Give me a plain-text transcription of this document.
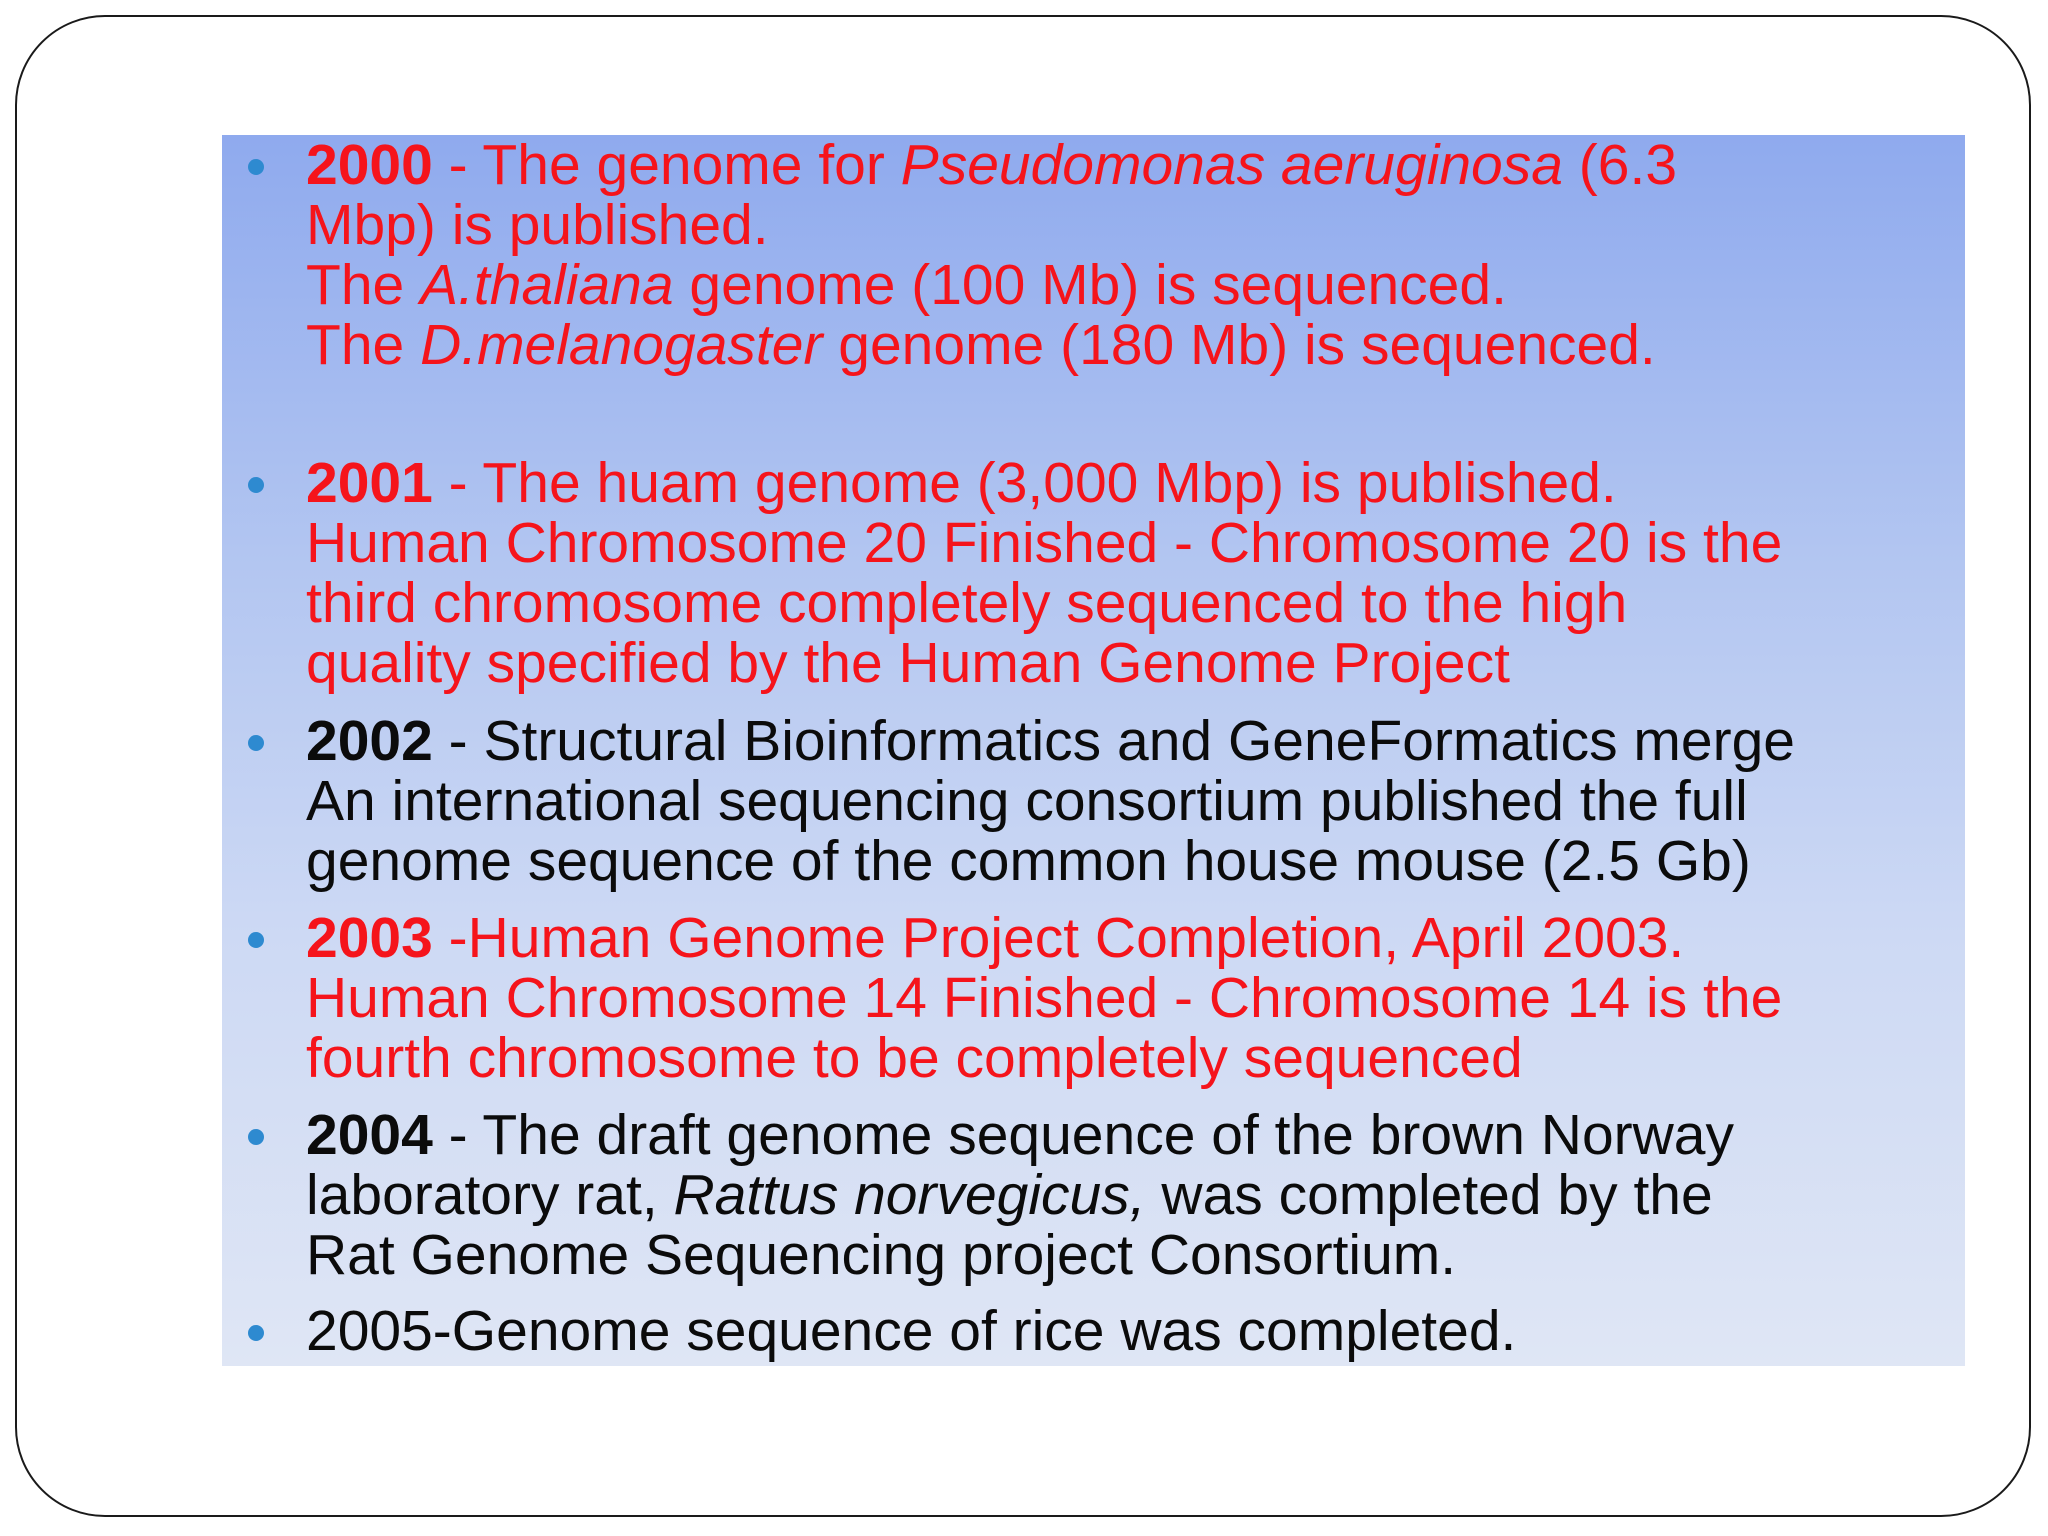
2000 - The genome for Pseudomonas aeruginosa (6.3
Mbp) is published.
The A.thaliana genome (100 Mb) is sequenced.
The D.melanogaster genome (180 Mb) is sequenced.
2001 - The huam genome (3,000 Mbp) is published.
Human Chromosome 20 Finished - Chromosome 20 is the
third chromosome completely sequenced to the high
quality specified by the Human Genome Project
2002 - Structural Bioinformatics and GeneFormatics merge
An international sequencing consortium published the full
genome sequence of the common house mouse (2.5 Gb)
2003 -Human Genome Project Completion, April 2003.
Human Chromosome 14 Finished - Chromosome 14 is the
fourth chromosome to be completely sequenced
2004 - The draft genome sequence of the brown Norway
laboratory rat, Rattus norvegicus, was completed by the
Rat Genome Sequencing project Consortium.
2005-Genome sequence of rice was completed.
